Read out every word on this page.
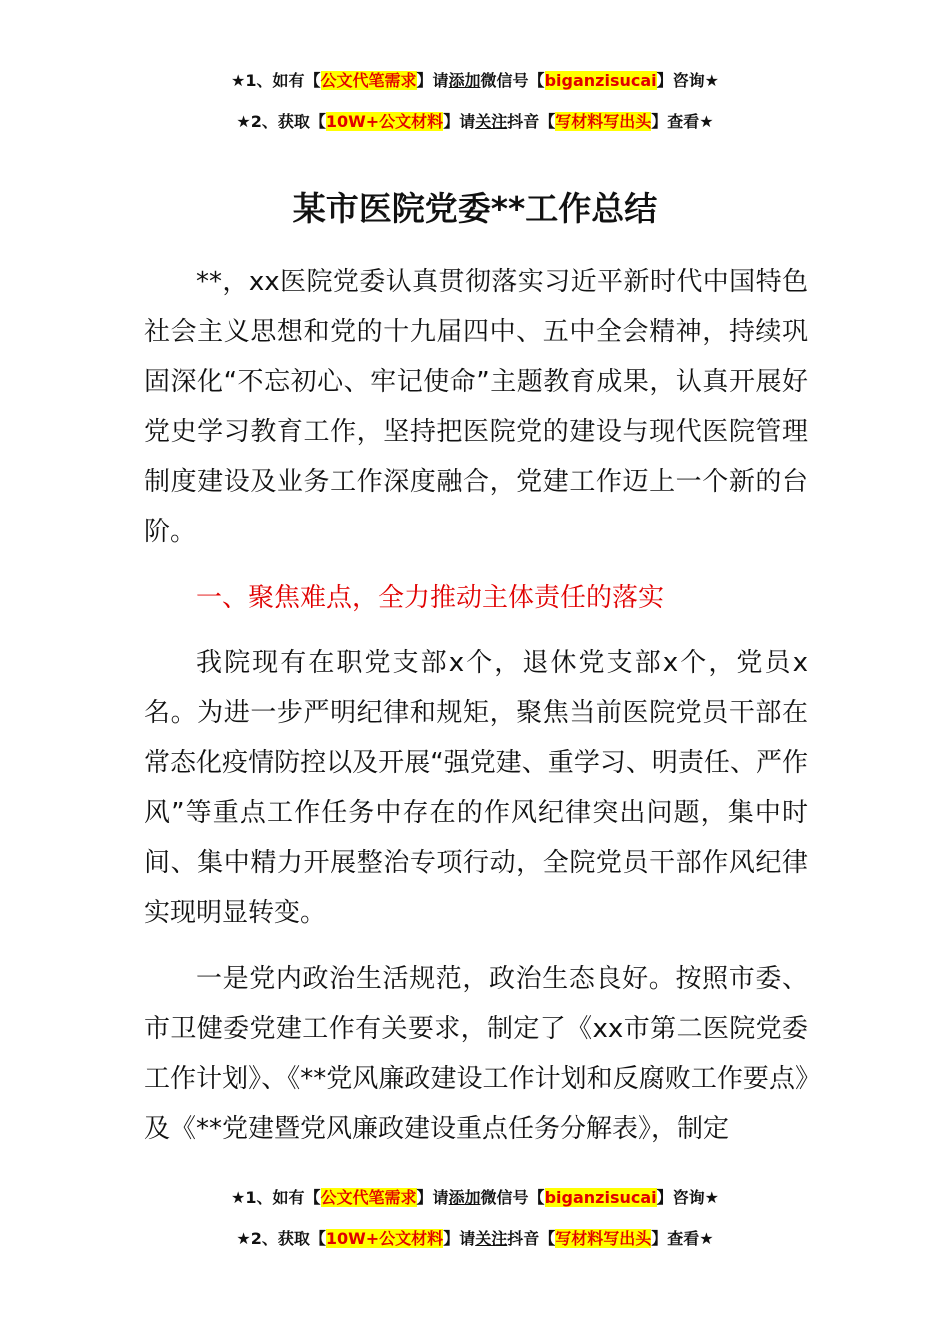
★1、如有【公文代笔需求】请添加微信号【biganzisucai】咨询★
★2、获取【10W+公文材料】请关注抖音【写材料写出头】查看★
某市医院党委**工作总结

**，xx医院党委认真贯彻落实习近平新时代中国特色社会主义思想和党的十九届四中、五中全会精神，持续巩固深化“不忘初心、牢记使命”主题教育成果，认真开展好党史学习教育工作，坚持把医院党的建设与现代医院管理制度建设及业务工作深度融合，党建工作迈上一个新的台阶。

一、聚焦难点，全力推动主体责任的落实

我院现有在职党支部x个，退休党支部x个，党员x名。为进一步严明纪律和规矩，聚焦当前医院党员干部在常态化疫情防控以及开展“强党建、重学习、明责任、严作风”等重点工作任务中存在的作风纪律突出问题，集中时间、集中精力开展整治专项行动，全院党员干部作风纪律实现明显转变。

一是党内政治生活规范，政治生态良好。按照市委、市卫健委党建工作有关要求，制定了《xx市第二医院党委工作计划》、《**党风廉政建设工作计划和反腐败工作要点》及《**党建暨党风廉政建设重点任务分解表》，制定

★1、如有【公文代笔需求】请添加微信号【biganzisucai】咨询★
★2、获取【10W+公文材料】请关注抖音【写材料写出头】查看★
